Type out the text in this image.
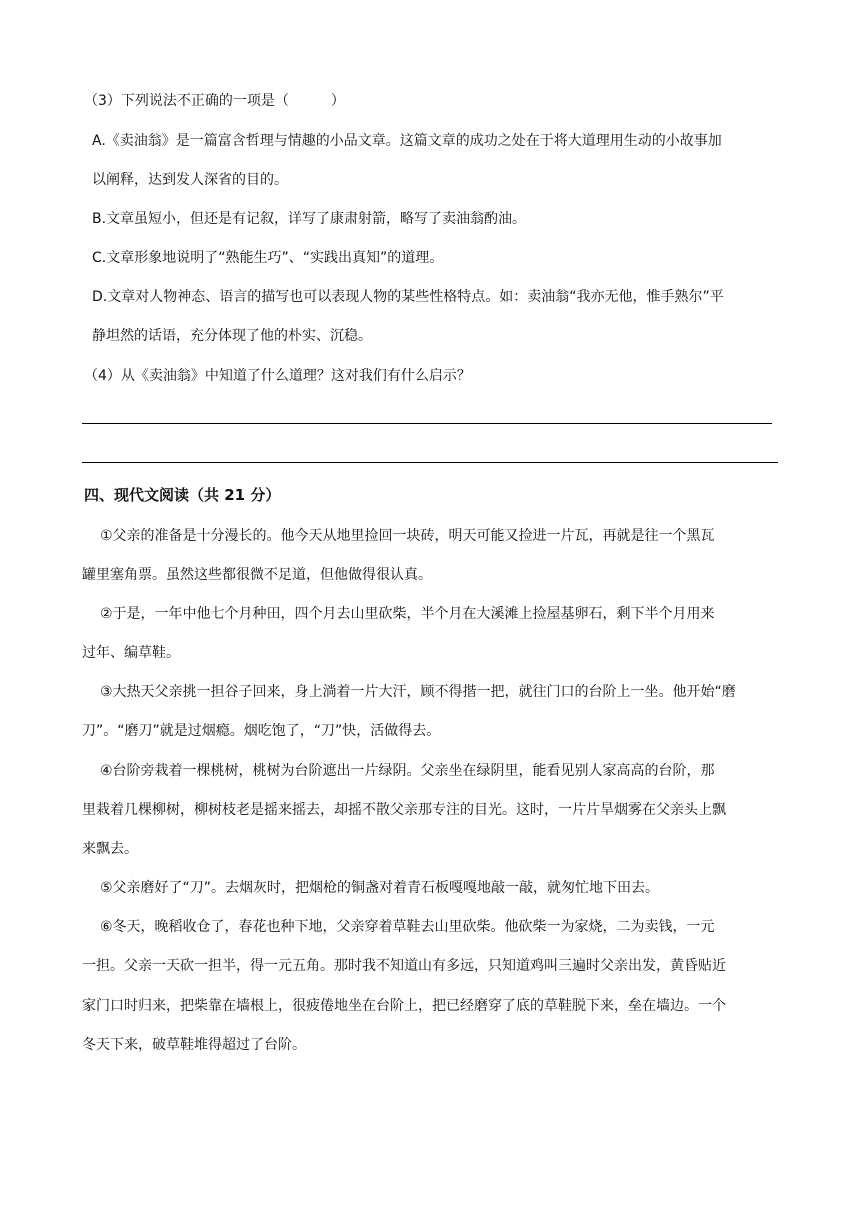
（3）下列说法不正确的一项是（　　　）
A.《卖油翁》是一篇富含哲理与情趣的小品文章。这篇文章的成功之处在于将大道理用生动的小故事加
以阐释，达到发人深省的目的。
B.文章虽短小，但还是有记叙，详写了康肃射箭，略写了卖油翁酌油。
C.文章形象地说明了“熟能生巧”、“实践出真知”的道理。
D.文章对人物神态、语言的描写也可以表现人物的某些性格特点。如：卖油翁“我亦无他，惟手熟尔”平
静坦然的话语，充分体现了他的朴实、沉稳。
（4）从《卖油翁》中知道了什么道理？这对我们有什么启示？
四、现代文阅读（共 21 分）
①父亲的准备是十分漫长的。他今天从地里捡回一块砖，明天可能又捡进一片瓦，再就是往一个黑瓦
罐里塞角票。虽然这些都很微不足道，但他做得很认真。
②于是，一年中他七个月种田，四个月去山里砍柴，半个月在大溪滩上捡屋基卵石，剩下半个月用来
过年、编草鞋。
③大热天父亲挑一担谷子回来，身上淌着一片大汗，顾不得揩一把，就往门口的台阶上一坐。他开始“磨
刀”。“磨刀”就是过烟瘾。烟吃饱了，“刀”快，活做得去。
④台阶旁栽着一棵桃树，桃树为台阶遮出一片绿阴。父亲坐在绿阴里，能看见别人家高高的台阶，那
里栽着几棵柳树，柳树枝老是摇来摇去，却摇不散父亲那专注的目光。这时，一片片旱烟雾在父亲头上飘
来飘去。
⑤父亲磨好了“刀”。去烟灰时，把烟枪的铜盏对着青石板嘎嘎地敲一敲，就匆忙地下田去。
⑥冬天，晚稻收仓了，春花也种下地，父亲穿着草鞋去山里砍柴。他砍柴一为家烧，二为卖钱，一元
一担。父亲一天砍一担半，得一元五角。那时我不知道山有多远，只知道鸡叫三遍时父亲出发，黄昏贴近
家门口时归来，把柴靠在墙根上，很疲倦地坐在台阶上，把已经磨穿了底的草鞋脱下来，垒在墙边。一个
冬天下来，破草鞋堆得超过了台阶。
